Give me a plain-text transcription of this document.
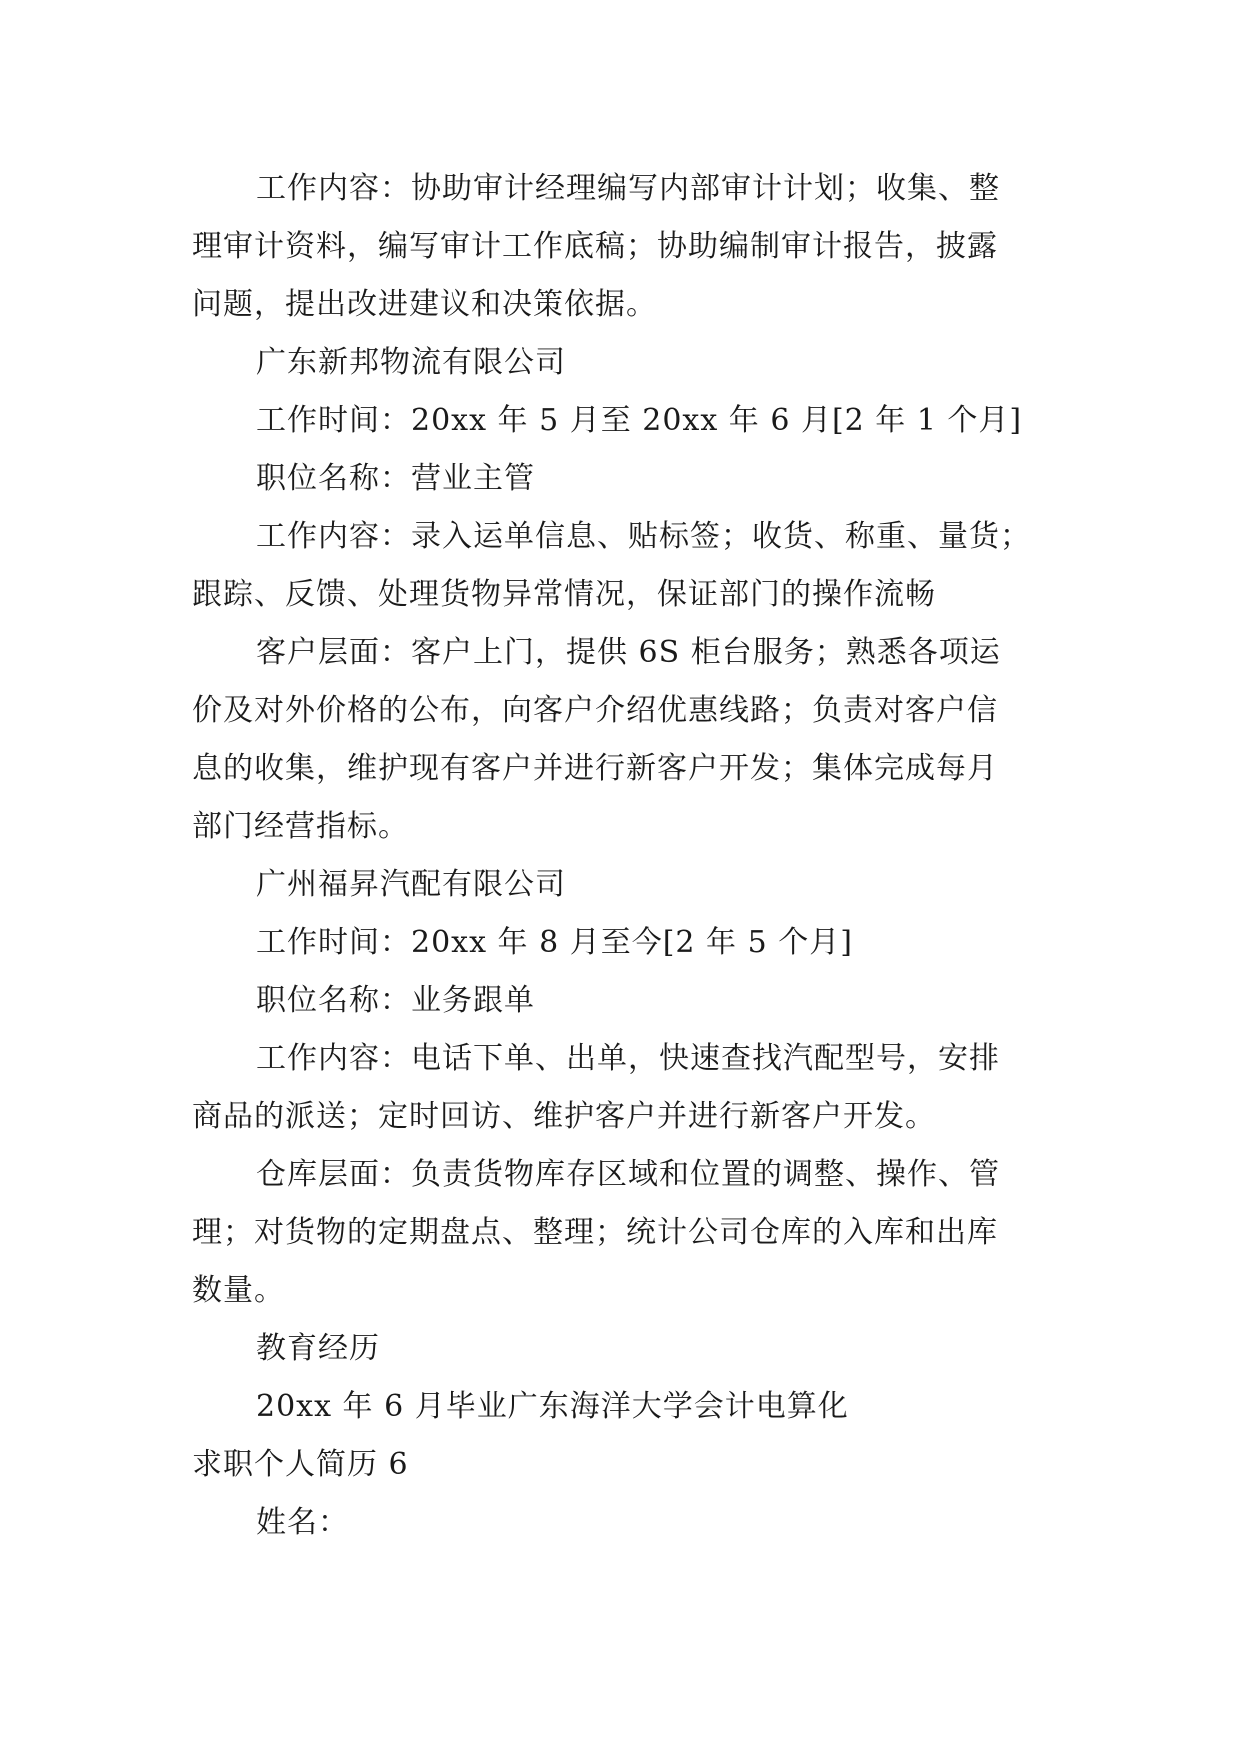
工作内容：协助审计经理编写内部审计计划；收集、整
理审计资料，编写审计工作底稿；协助编制审计报告，披露
问题，提出改进建议和决策依据。

广东新邦物流有限公司

工作时间：20xx 年 5 月至 20xx 年 6 月[2 年 1 个月]

职位名称：营业主管

工作内容：录入运单信息、贴标签；收货、称重、量货；
跟踪、反馈、处理货物异常情况，保证部门的操作流畅

客户层面：客户上门，提供 6S 柜台服务；熟悉各项运
价及对外价格的公布，向客户介绍优惠线路；负责对客户信
息的收集，维护现有客户并进行新客户开发；集体完成每月
部门经营指标。

广州福昇汽配有限公司

工作时间：20xx 年 8 月至今[2 年 5 个月]

职位名称：业务跟单

工作内容：电话下单、出单，快速查找汽配型号，安排
商品的派送；定时回访、维护客户并进行新客户开发。

仓库层面：负责货物库存区域和位置的调整、操作、管
理；对货物的定期盘点、整理；统计公司仓库的入库和出库
数量。

教育经历

20xx 年 6 月毕业广东海洋大学会计电算化

求职个人简历 6

姓名：
